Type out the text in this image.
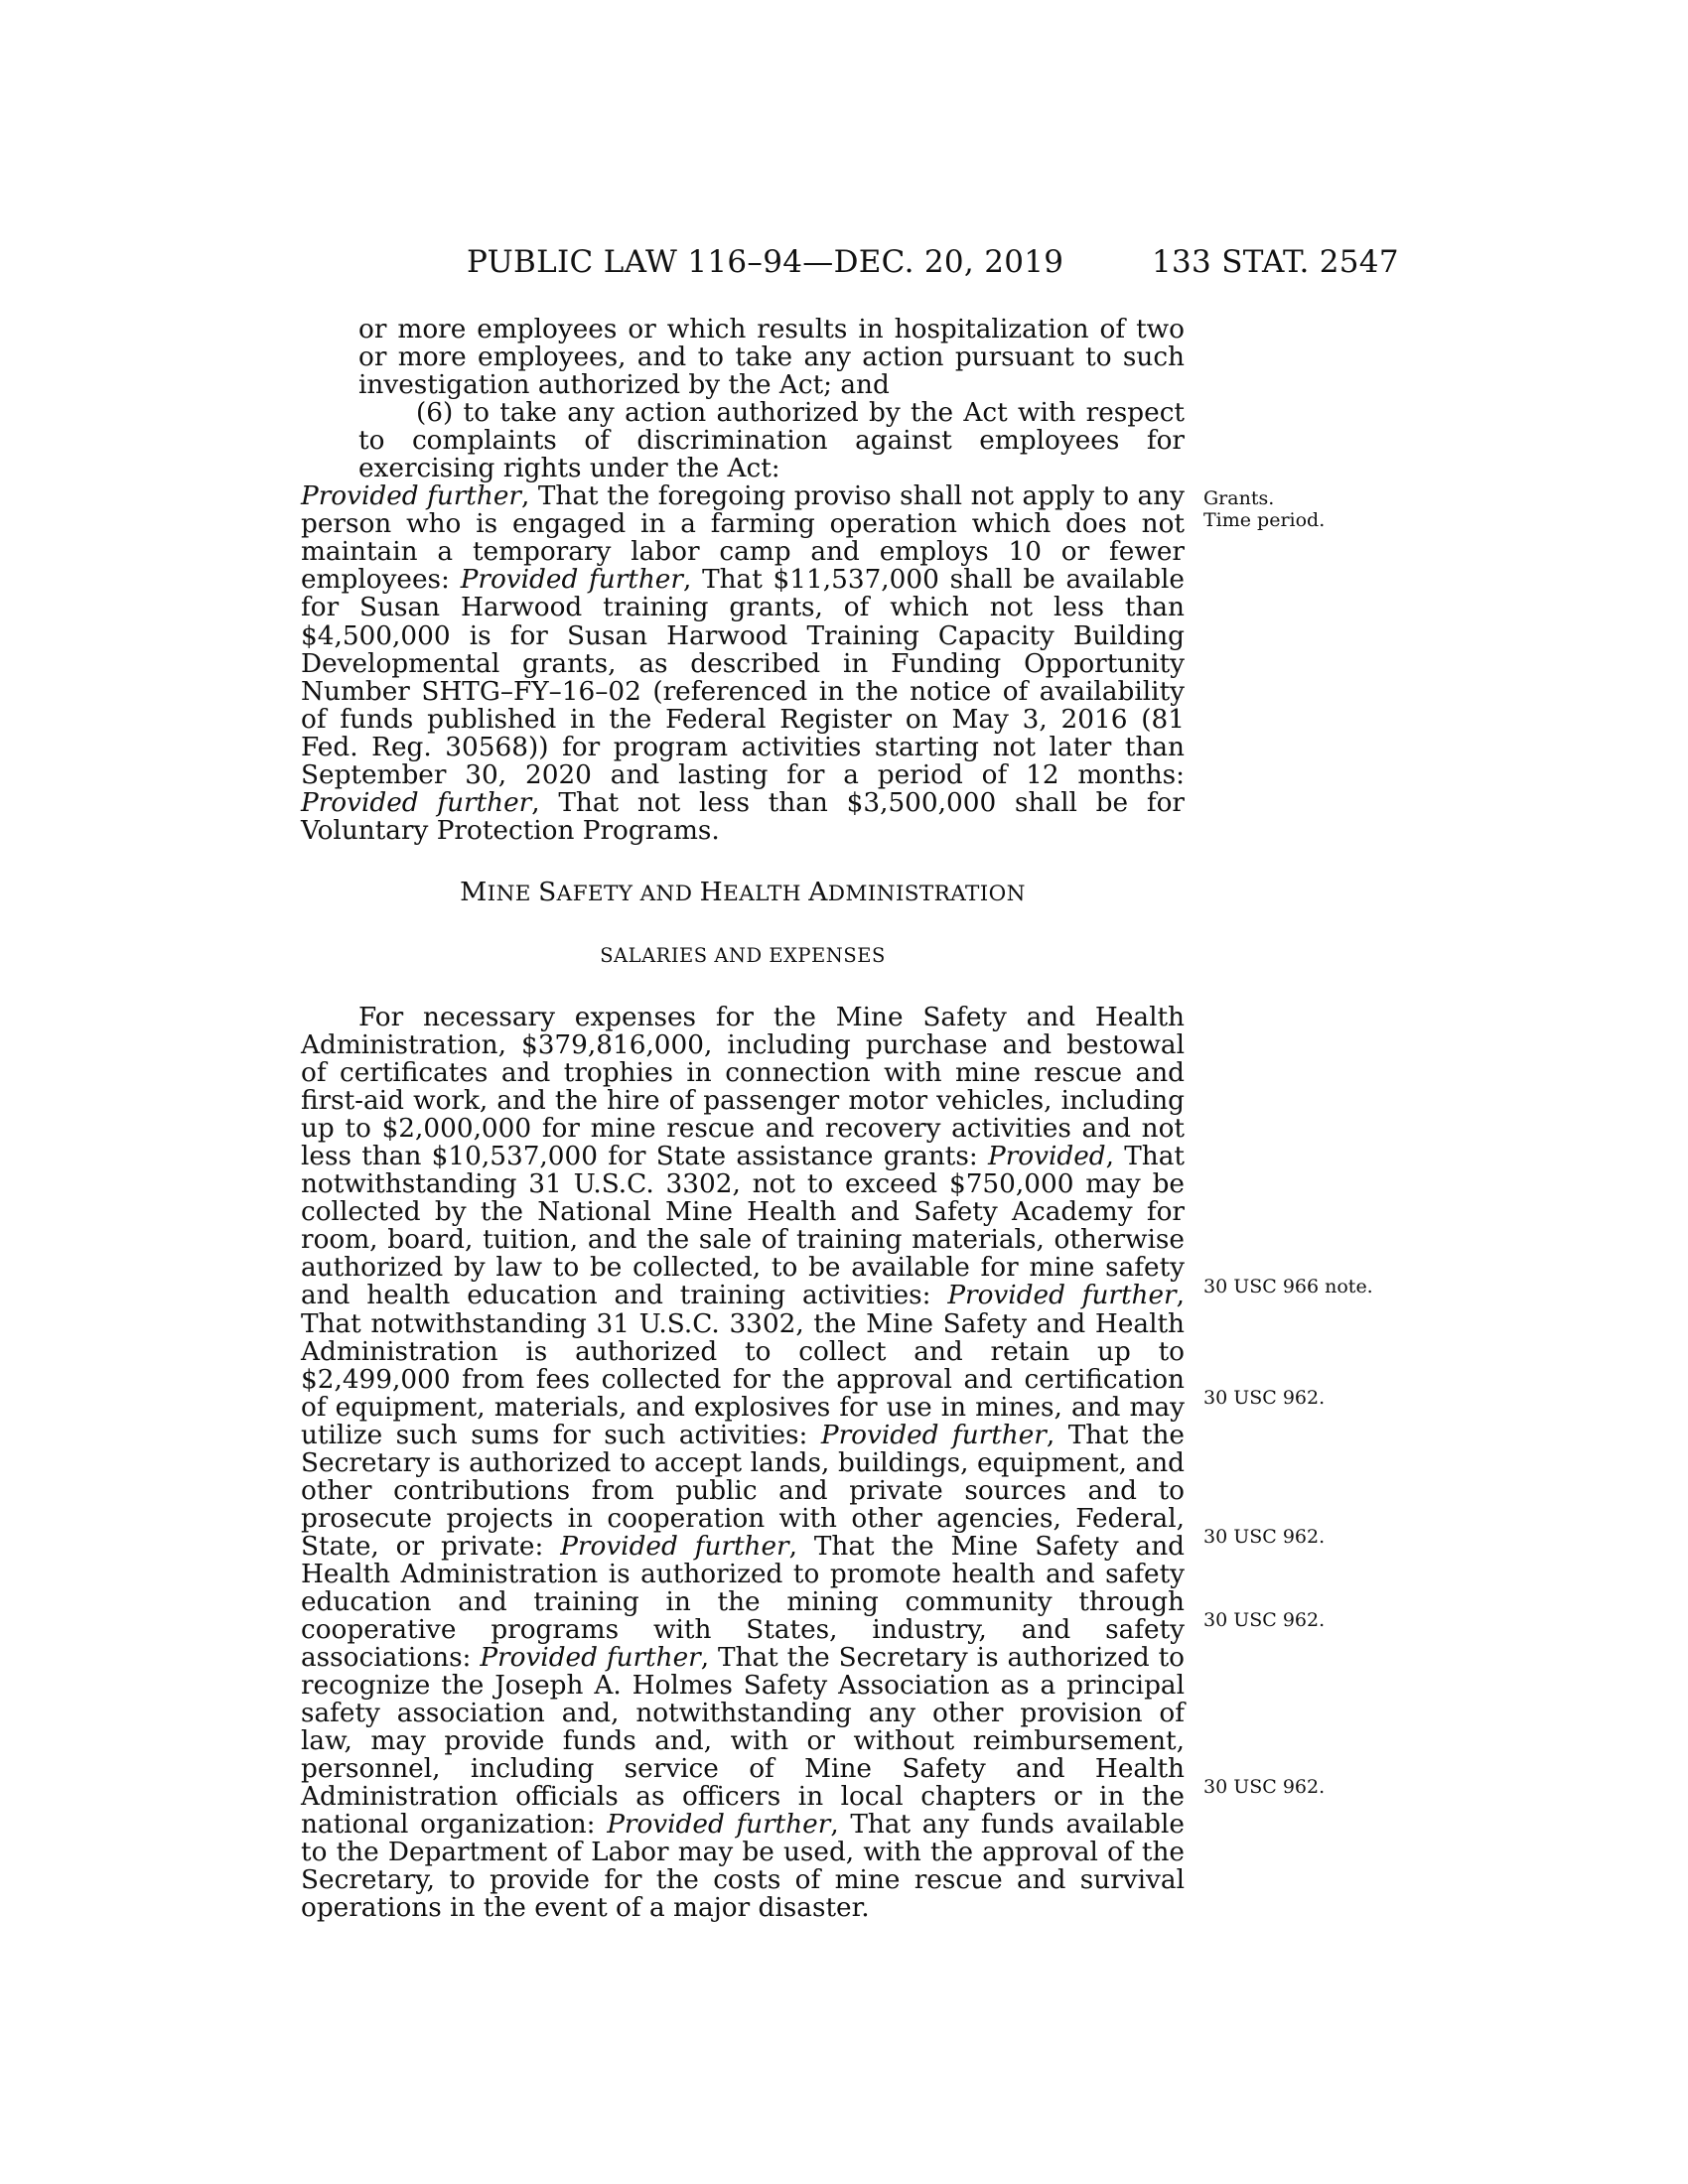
PUBLIC LAW 116–94—DEC. 20, 2019	133 STAT. 2547

or more employees or which results in hospitalization of two or more employees, and to take any action pursuant to such investigation authorized by the Act; and

(6) to take any action authorized by the Act with respect to complaints of discrimination against employees for exercising rights under the Act:

Provided further, That the foregoing proviso shall not apply to any person who is engaged in a farming operation which does not maintain a temporary labor camp and employs 10 or fewer employees: Provided further, That $11,537,000 shall be available for Susan Harwood training grants, of which not less than $4,500,000 is for Susan Harwood Training Capacity Building Developmental grants, as described in Funding Opportunity Number SHTG–FY–16–02 (referenced in the notice of availability of funds published in the Federal Register on May 3, 2016 (81 Fed. Reg. 30568)) for program activities starting not later than September 30, 2020 and lasting for a period of 12 months: Provided further, That not less than $3,500,000 shall be for Voluntary Protection Programs.

MINE SAFETY AND HEALTH ADMINISTRATION

SALARIES AND EXPENSES

For necessary expenses for the Mine Safety and Health Administration, $379,816,000, including purchase and bestowal of certificates and trophies in connection with mine rescue and first-aid work, and the hire of passenger motor vehicles, including up to $2,000,000 for mine rescue and recovery activities and not less than $10,537,000 for State assistance grants: Provided, That notwithstanding 31 U.S.C. 3302, not to exceed $750,000 may be collected by the National Mine Health and Safety Academy for room, board, tuition, and the sale of training materials, otherwise authorized by law to be collected, to be available for mine safety and health education and training activities: Provided further, That notwithstanding 31 U.S.C. 3302, the Mine Safety and Health Administration is authorized to collect and retain up to $2,499,000 from fees collected for the approval and certification of equipment, materials, and explosives for use in mines, and may utilize such sums for such activities: Provided further, That the Secretary is authorized to accept lands, buildings, equipment, and other contributions from public and private sources and to prosecute projects in cooperation with other agencies, Federal, State, or private: Provided further, That the Mine Safety and Health Administration is authorized to promote health and safety education and training in the mining community through cooperative programs with States, industry, and safety associations: Provided further, That the Secretary is authorized to recognize the Joseph A. Holmes Safety Association as a principal safety association and, notwithstanding any other provision of law, may provide funds and, with or without reimbursement, personnel, including service of Mine Safety and Health Administration officials as officers in local chapters or in the national organization: Provided further, That any funds available to the Department of Labor may be used, with the approval of the Secretary, to provide for the costs of mine rescue and survival operations in the event of a major disaster.

Grants.
Time period.
30 USC 966 note.
30 USC 962.
30 USC 962.
30 USC 962.
30 USC 962.
